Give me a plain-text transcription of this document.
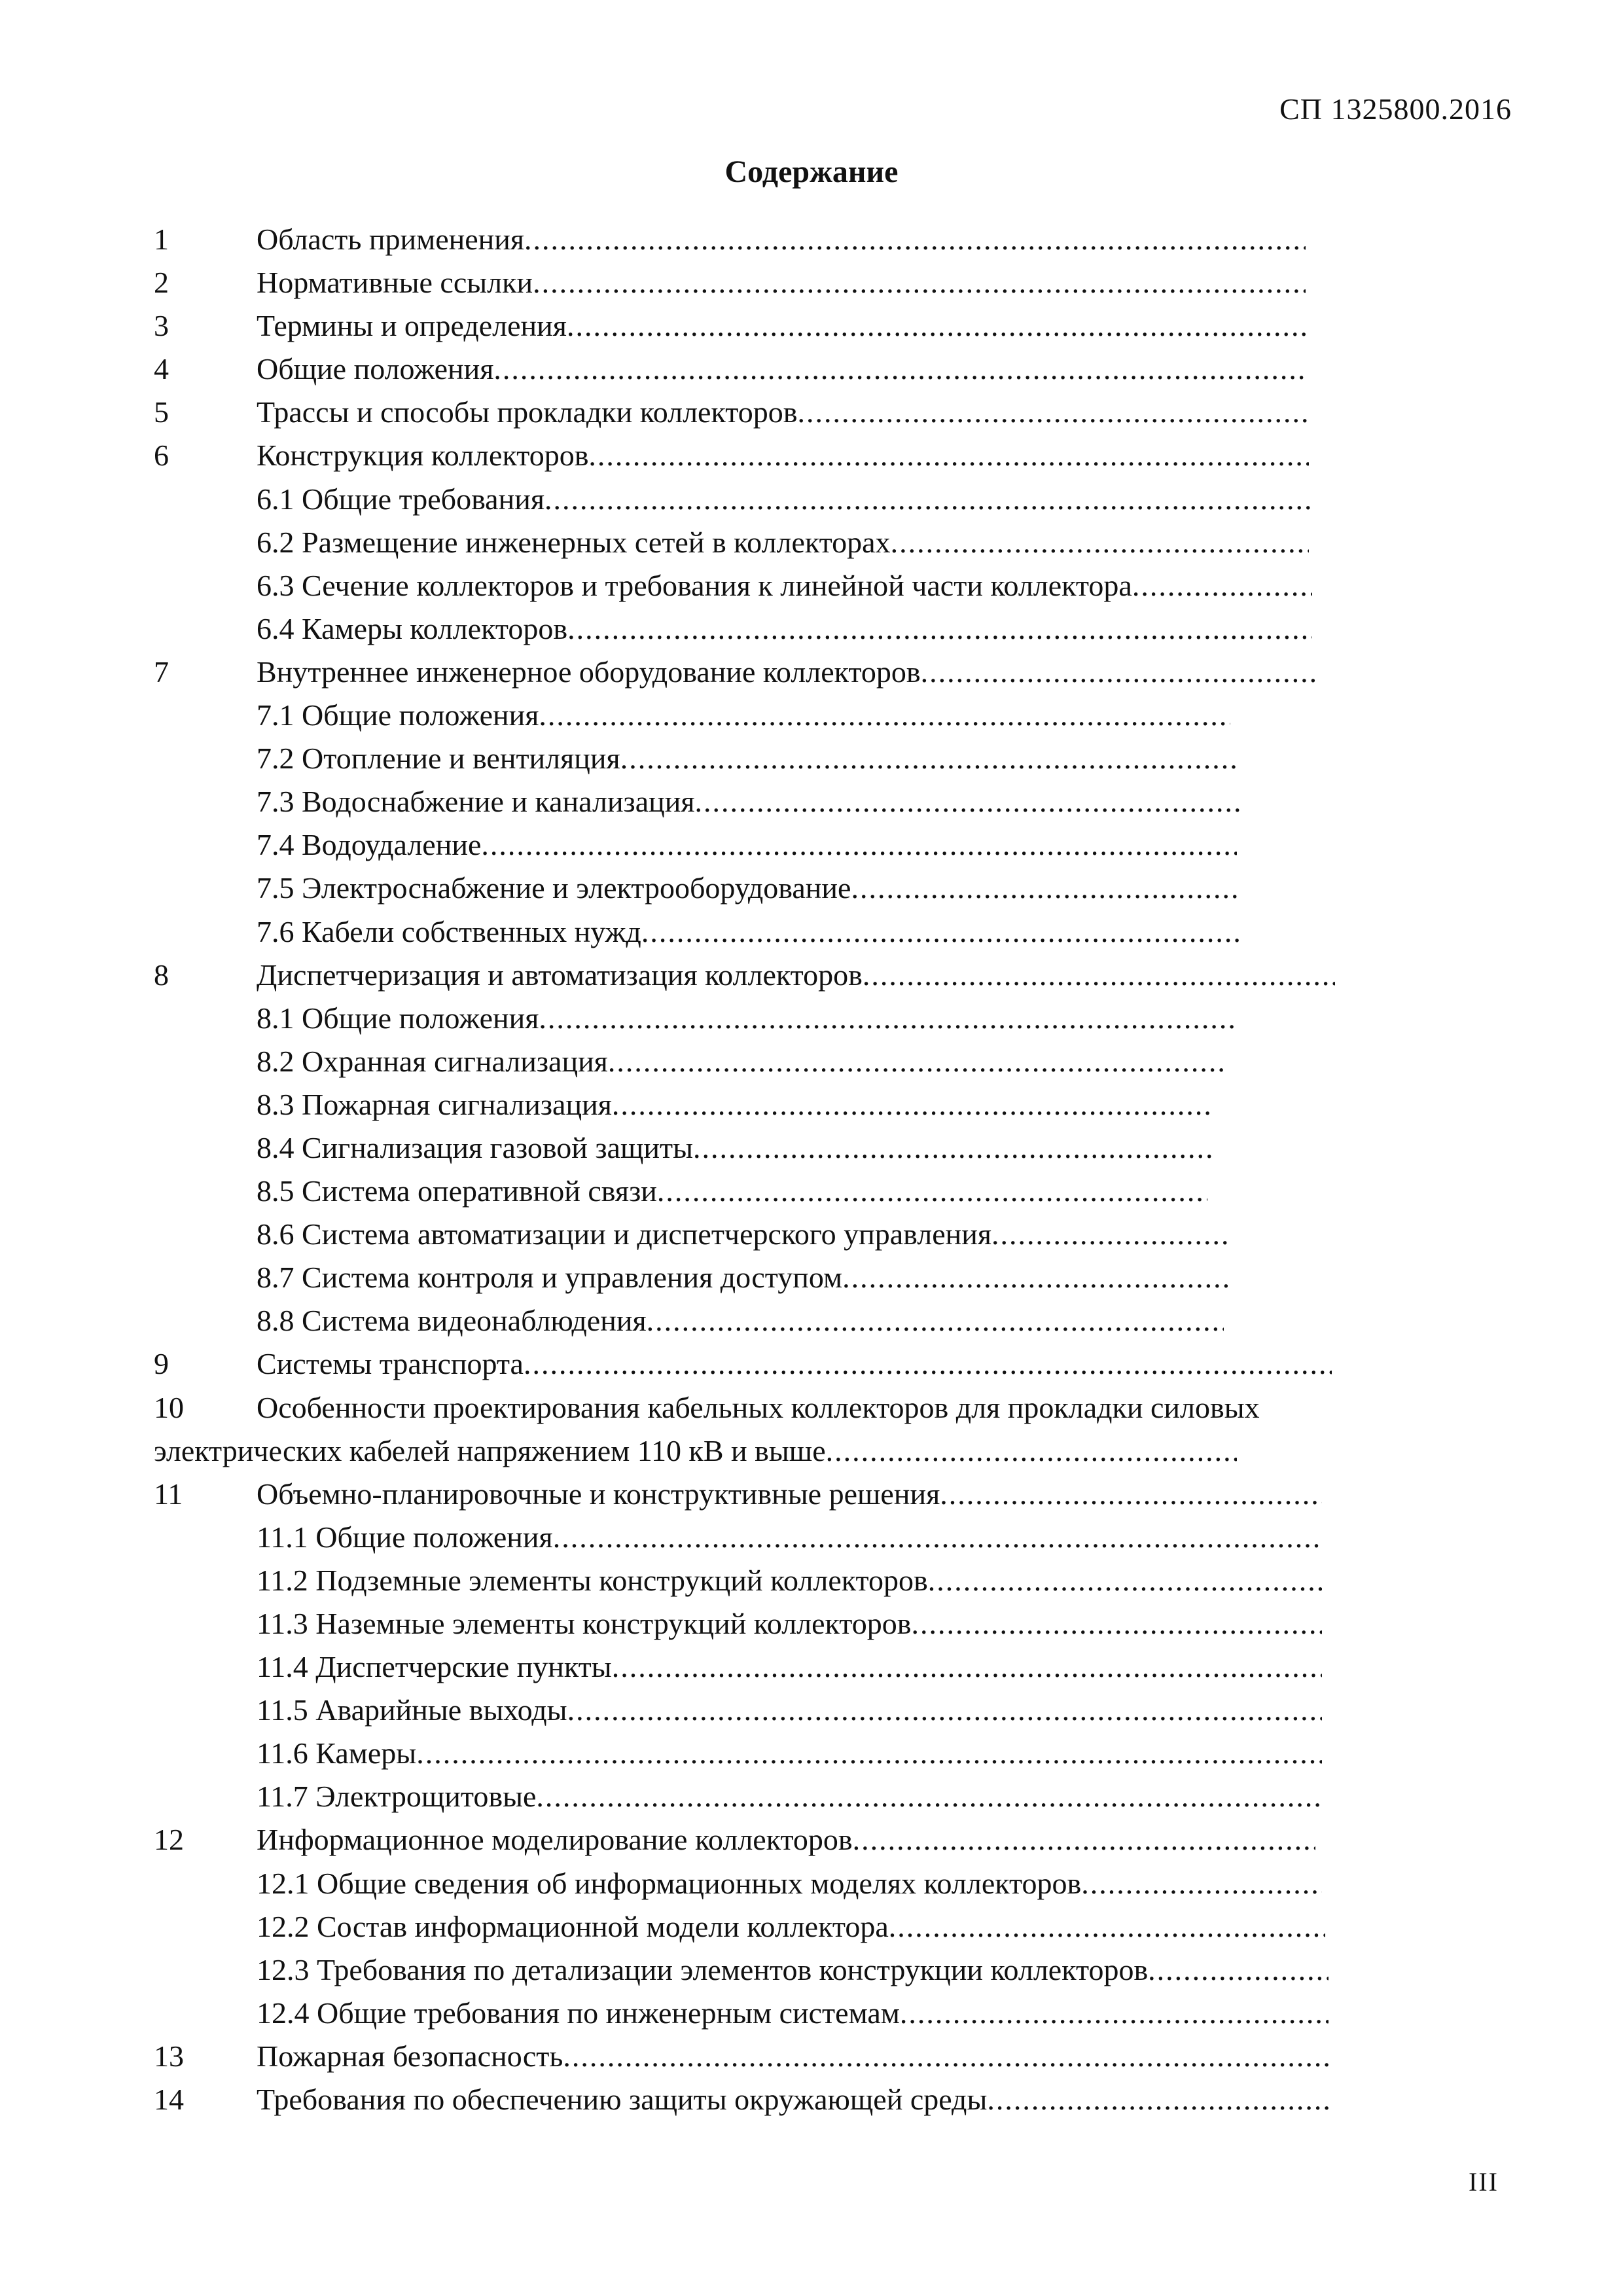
СП 1325800.2016
Содержание
1	Область применения
.....
2	Нормативные ссылки
.....
3	Термины и определения
.....
4	Общие положения
.....
5	Трассы и способы прокладки коллекторов
.....
6	Конструкция коллекторов
.....
6.1 Общие требования
.....
6.2 Размещение инженерных сетей в коллекторах
.....
6.3 Сечение коллекторов и требования к линейной части коллектора
.....
6.4 Камеры коллекторов
.....
7	Внутреннее инженерное оборудование коллекторов
.....
7.1 Общие положения
.....
7.2 Отопление и вентиляция
.....
7.3 Водоснабжение и канализация
.....
7.4 Водоудаление
.....
7.5 Электроснабжение и электрооборудование
.....
7.6 Кабели собственных нужд
.....
8	Диспетчеризация и автоматизация коллекторов
.....
8.1 Общие положения
.....
8.2 Охранная сигнализация
.....
8.3 Пожарная сигнализация
.....
8.4 Сигнализация газовой защиты
.....
8.5 Система оперативной связи
.....
8.6 Система автоматизации и диспетчерского управления
.....
8.7 Система контроля и управления доступом
.....
8.8 Система видеонаблюдения
.....
9	Системы транспорта
.....
10 Особенности проектирования кабельных коллекторов для прокладки силовых
электрических кабелей напряжением 110 кВ и выше
.....
11 Объемно-планировочные и конструктивные решения
.....
11.1 Общие положения
.....
11.2 Подземные элементы конструкций коллекторов
.....
11.3 Наземные элементы конструкций коллекторов
.....
11.4 Диспетчерские пункты
.....
11.5 Аварийные выходы
.....
11.6 Камеры
.....
11.7 Электрощитовые
.....
12 Информационное моделирование коллекторов
.....
12.1 Общие сведения об информационных моделях коллекторов
.....
12.2 Состав информационной модели коллектора
.....
12.3 Требования по детализации элементов конструкции коллекторов
.....
12.4 Общие требования по инженерным системам
.....
13 Пожарная безопасность
.....
14 Требования по обеспечению защиты окружающей среды
.....
III
